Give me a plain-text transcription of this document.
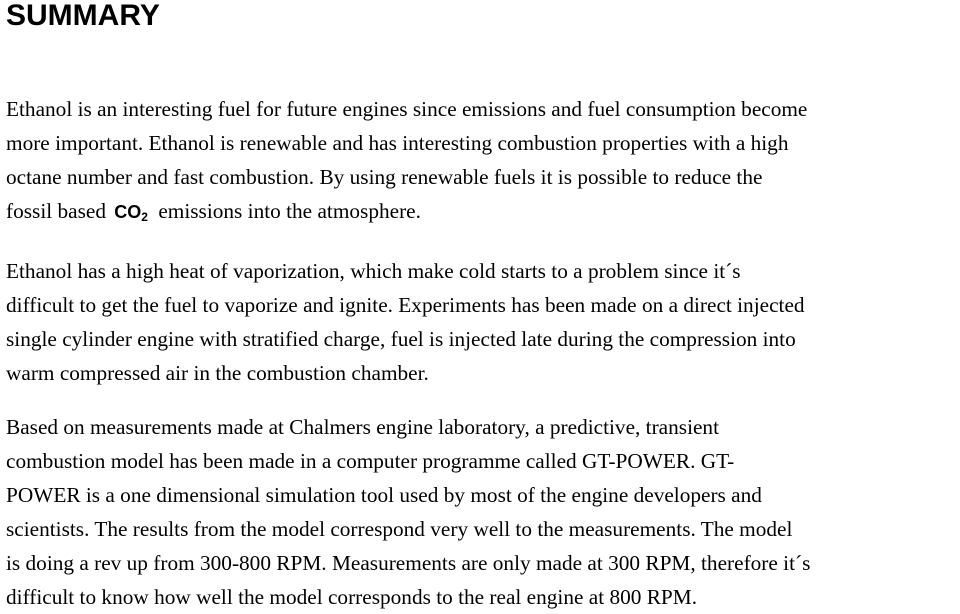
SUMMARY

Ethanol is an interesting fuel for future engines since emissions and fuel consumption become
more important. Ethanol is renewable and has interesting combustion properties with a high
octane number and fast combustion. By using renewable fuels it is possible to reduce the
fossil based $CO_2$ emissions into the atmosphere.

Ethanol has a high heat of vaporization, which make cold starts to a problem since it´s
difficult to get the fuel to vaporize and ignite. Experiments has been made on a direct injected
single cylinder engine with stratified charge, fuel is injected late during the compression into
warm compressed air in the combustion chamber.

Based on measurements made at Chalmers engine laboratory, a predictive, transient
combustion model has been made in a computer programme called GT-POWER. GT-
POWER is a one dimensional simulation tool used by most of the engine developers and
scientists. The results from the model correspond very well to the measurements. The model
is doing a rev up from 300-800 RPM. Measurements are only made at 300 RPM, therefore it´s
difficult to know how well the model corresponds to the real engine at 800 RPM.
